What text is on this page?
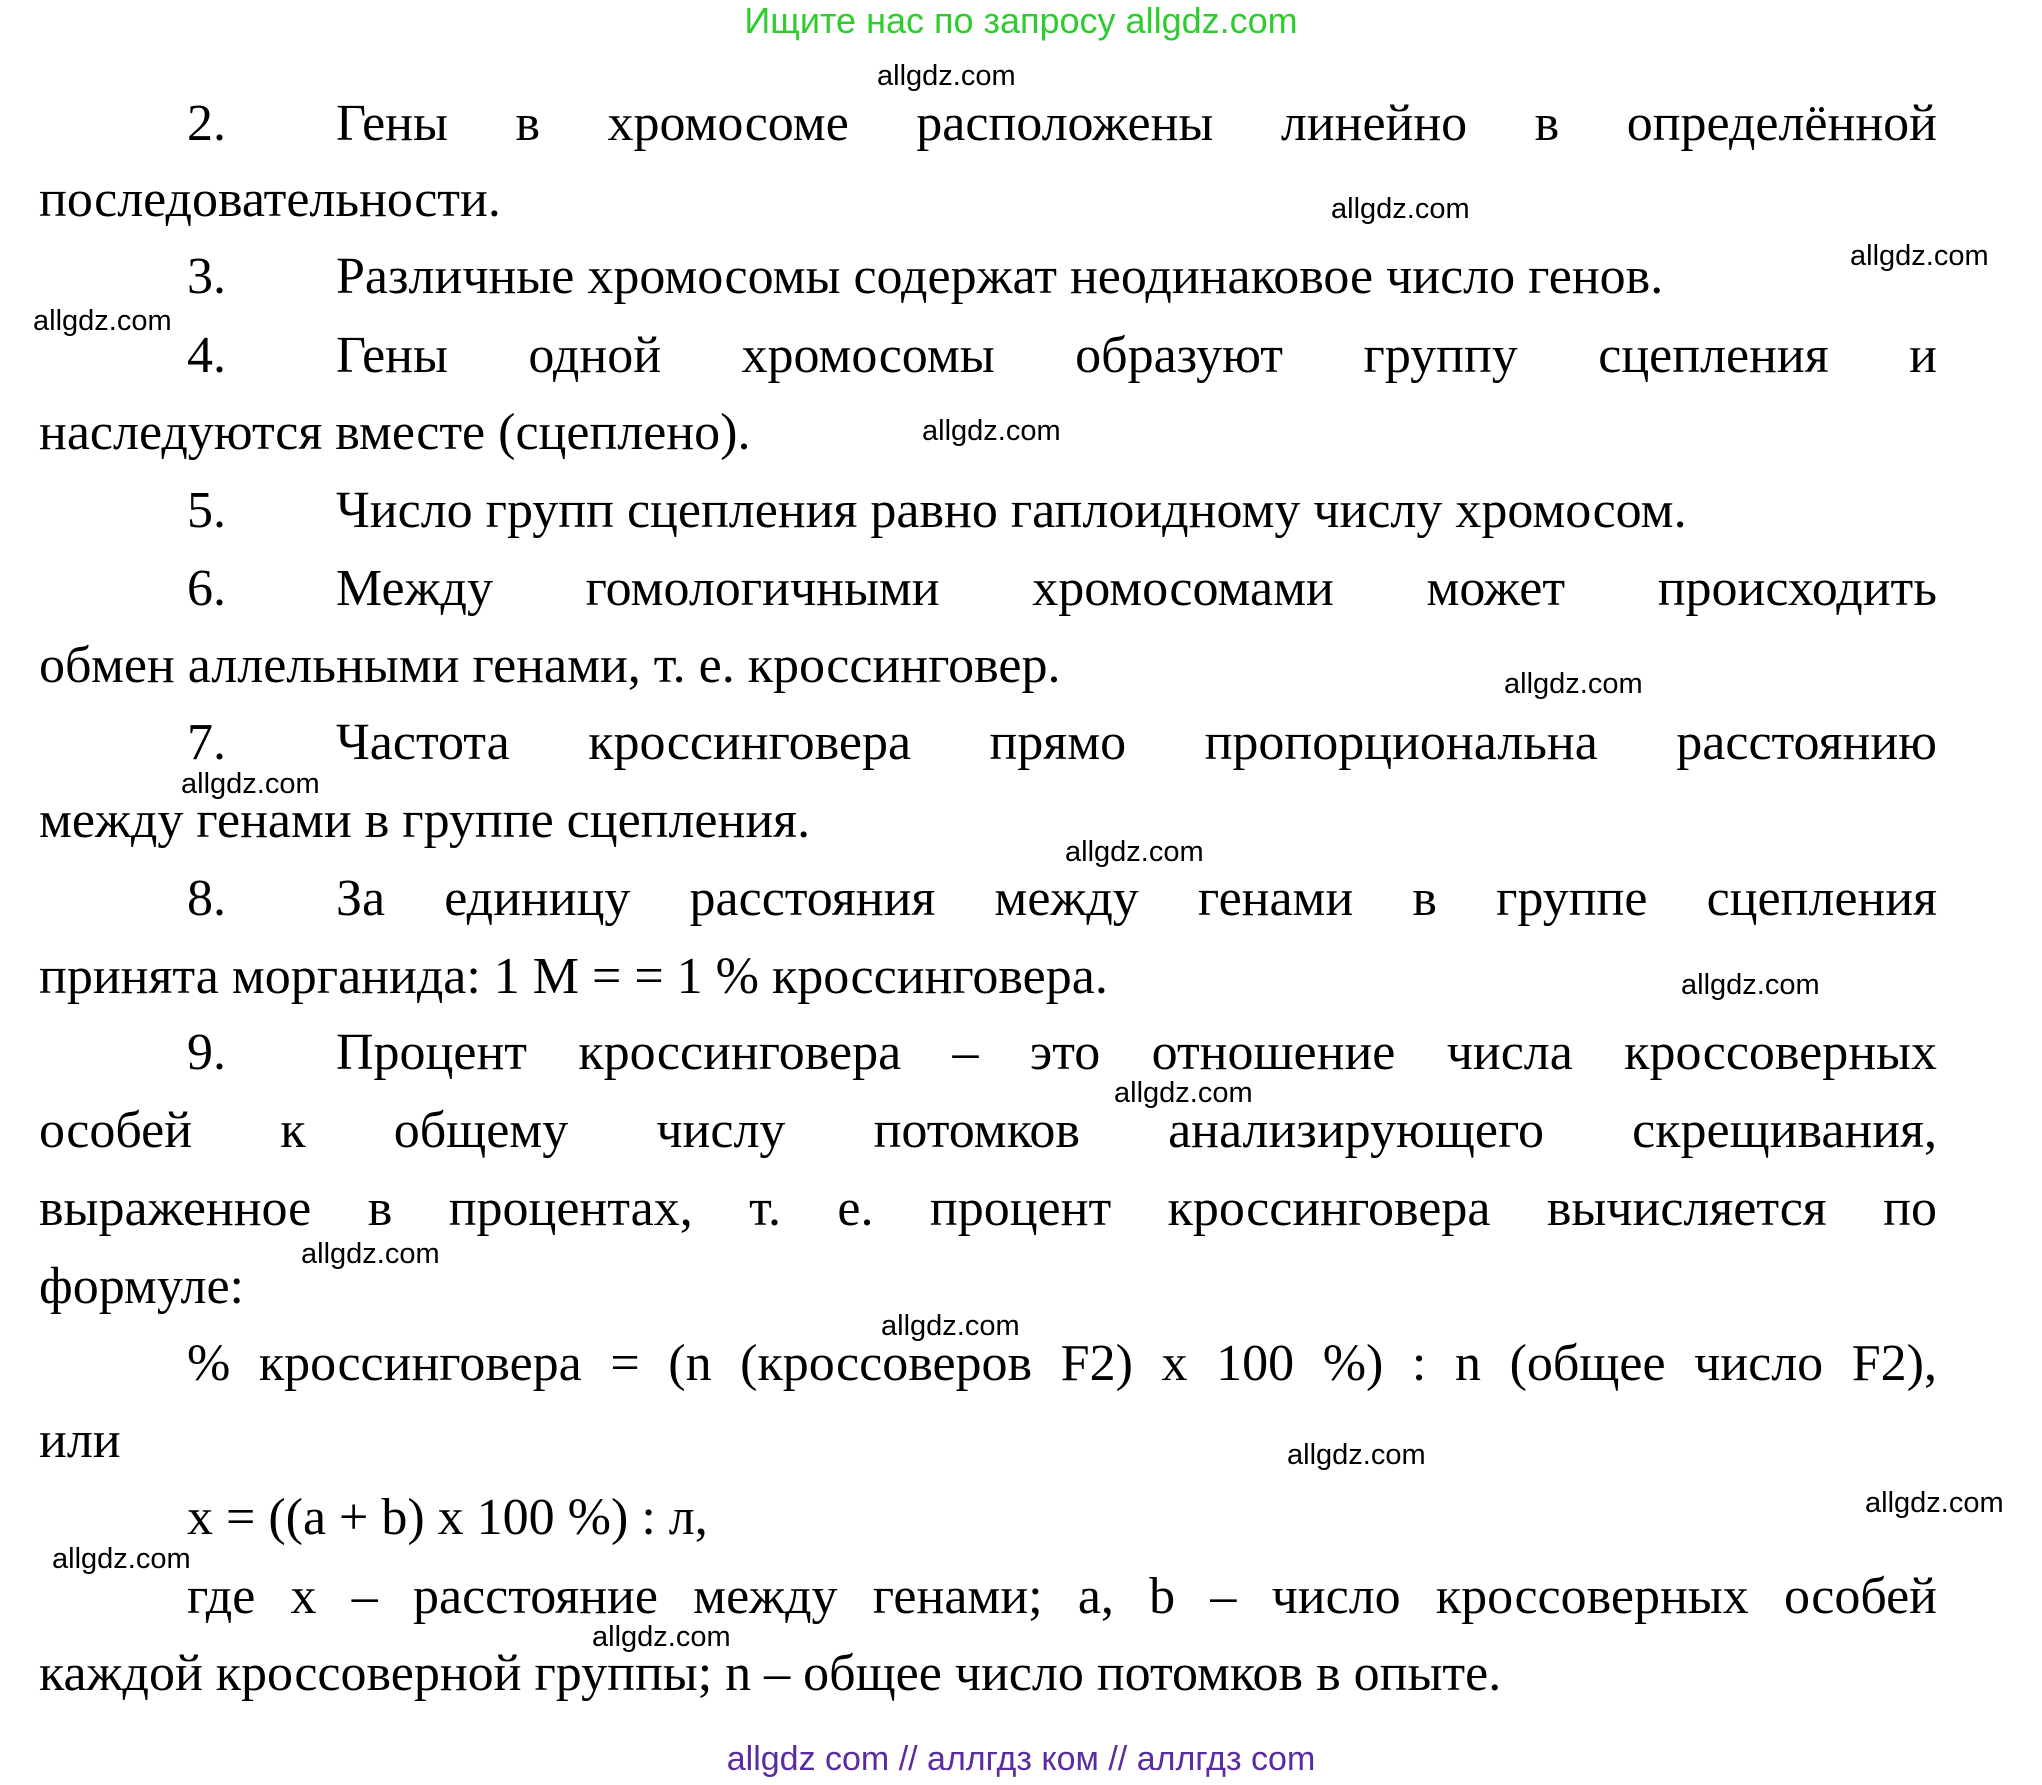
Ищите нас по запросу allgdz.com
2.
3.
4.
5.
6.
7.
8.
9.
Гены в хромосоме расположены линейно в определённой
последовательности.
Различные хромосомы содержат неодинаковое число генов.
Гены одной хромосомы образуют группу сцепления и
наследуются вместе (сцеплено).
Число групп сцепления равно гаплоидному числу хромосом.
Между гомологичными хромосомами может происходить
обмен аллельными генами, т. е. кроссинговер.
Частота кроссинговера прямо пропорциональна расстоянию
между генами в группе сцепления.
За единицу расстояния между генами в группе сцепления
принята морганида: 1 М = = 1 % кроссинговера.
Процент кроссинговера – это отношение числа кроссоверных
особей к общему числу потомков анализирующего скрещивания,
выраженное в процентах, т. е. процент кроссинговера вычисляется по
формуле:
% кроссинговера = (n (кроссоверов F2) х 100 %) : n (общее число F2),
или
х = ((а + b) х 100 %) : л,
где х – расстояние между генами; a, b – число кроссоверных особей
каждой кроссоверной группы; n – общее число потомков в опыте.
allgdz.com
allgdz.com
allgdz.com
allgdz.com
allgdz.com
allgdz.com
allgdz.com
allgdz.com
allgdz.com
allgdz.com
allgdz.com
allgdz.com
allgdz.com
allgdz.com
allgdz.com
allgdz.com
allgdz com // аллгдз ком // аллгдз com
